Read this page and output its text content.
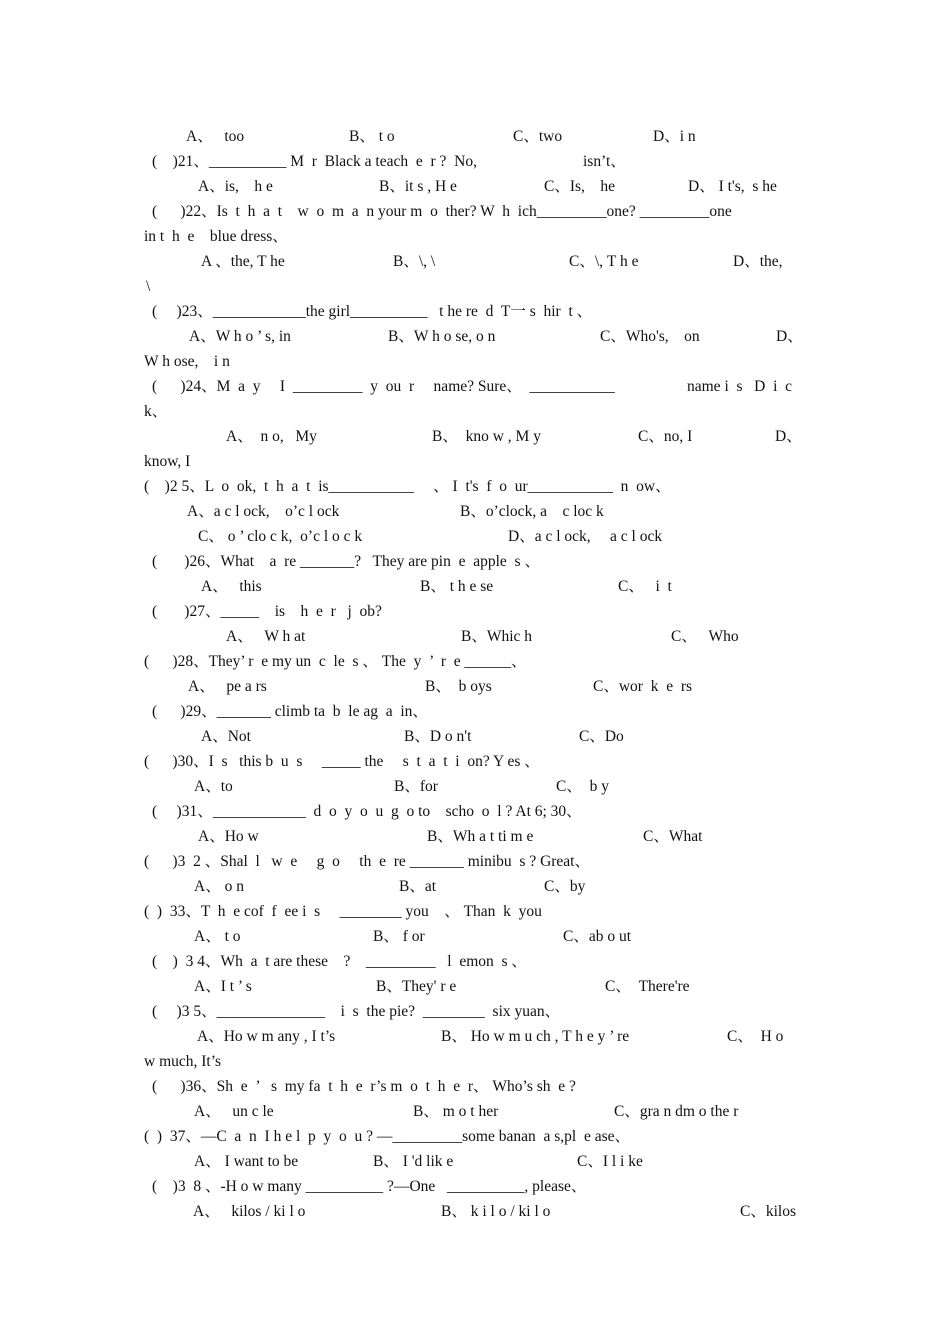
A、   too	B、 t o	C、two	D、i n
(    )21、__________ M  r  Black a teach  e  r ?  No,	isn’t、
A、is,    h e	B、it s , H e	C、Is,    he	D、 I t's,  s he
(      )22、Is  t  h  a  t    w  o  m  a  n your m  o  ther? W  h  ich_________one? _________one
in t  h  e    blue dress、
A 、the, T he	B、\, \	C、\, T h e	D、the,
\
(     )23、____________the girl__________   t he re  d  T一 s  hir  t 、
A、W h o ’ s, in	B、W h o se, o n	C、Who's,    on	D、
W h ose,    i n
(      )24、M  a  y     I  _________  y  ou  r     name? Sure、  ___________	name i  s   D  i  c
k、
A、  n o,   My	B、  kno w , M y	C、no, I	D、
know, I
(    )2 5、L  o  ok,  t  h  a  t  is___________     、 I  t's  f  o  ur___________  n  ow、
A、a c l ock,    o’c l ock	B、o’clock, a    c loc k
C、 o ’ clo c k,  o’c l o c k	D、a c l ock,     a c l ock
(       )26、What    a  re _______?   They are pin  e  apple  s 、
A、   this	B、 t h e se	C、   i  t
(       )27、_____    is    h  e  r   j  ob?
A、   W h at	B、Whic h	C、   Who
(      )28、They’ r  e my un  c  le  s 、 The  y  ’  r  e ______、
A、   pe a rs	B、  b oys	C、wor  k  e  rs
(      )29、_______ climb ta  b  le ag  a  in、
A、Not	B、D o n't	C、Do
(      )30、I  s   this b  u  s     _____ the     s  t  a  t  i  on? Y es 、
A、to	B、for	C、  b y
(     )31、____________  d  o  y  o  u  g  o to    scho  o  l ? At 6; 30、
A、Ho w	B、Wh a t ti m e	C、What
(      )3  2 、Shal  l   w  e     g  o     th  e  re _______ minibu  s ? Great、
A、 o n	B、at	C、by
(  )  33、T  h  e cof  f  ee i  s     ________ you    、 Than  k  you
A、 t o	B、 f or	C、ab o ut
(    )  3 4、Wh  a  t are these    ?    _________   l  emon  s 、
A、I t ’ s	B、They' r e	C、  There're
(     )3 5、______________    i  s  the pie?  ________  six yuan、
A、Ho w m any , I t’s	B、 Ho w m u ch , T h e y ’ re	C、  H o
w much, It’s
(      )36、Sh  e  ’   s  my fa  t  h  e  r’s m  o  t  h  e  r、 Who’s sh  e ?
A、   un c le	B、 m o t her	C、gra n dm o the r
(  )  37、—C  a  n  I h e l  p  y  o  u ? —_________some banan  a s,pl  e ase、
A、 I want to be	B、 I 'd lik e	C、I l i ke
(    )3  8 、-H o w many __________ ?—One   __________, please、
A、   kilos / ki l o	B、 k i l o / ki l o	C、kilos
